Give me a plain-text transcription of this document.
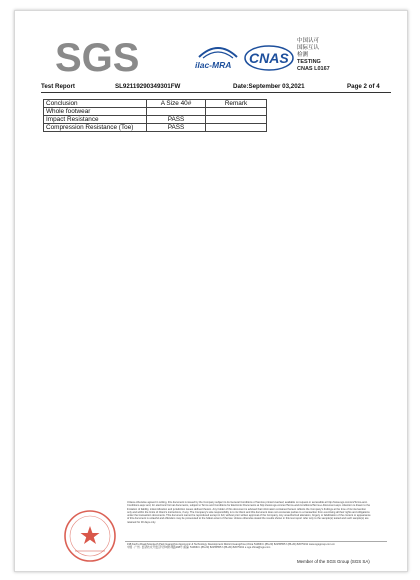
SGS	ilac-MRA CNAS
中国认可
国际互认
检测
TESTING
CNAS L0167
Test Report	SL92119290349301FW	Date:September 03,2021	Page 2 of 4
Conclusion	A Size 40#	Remark
Whole footwear		
Impact Resistance	PASS	
Compression Resistance (Toe)	PASS	
Unless otherwise agreed in writing, this document is issued by the Company subject to its General Conditions of Service printed overleaf, available on request or accessible at http://www.sgs.com/en/Terms-and-Conditions.aspx and, for electronic format documents, subject to Terms and Conditions for Electronic Documents at http://www.sgs.com/en/Terms-and-Conditions/Terms-e-Document.aspx. Attention is drawn to the limitation of liability, indemnification and jurisdiction issues defined therein. Any holder of this document is advised that information contained hereon reflects the Company's findings at the time of its intervention only and within the limits of Client's instructions, if any. The Company's sole responsibility is to its Client and this document does not exonerate parties to a transaction from exercising all their rights and obligations under the transaction documents. This document cannot be reproduced except in full, without prior written approval of the Company. Any unauthorized alteration, forgery or falsification of the content or appearance of this document is unlawful and offenders may be prosecuted to the fullest extent of the law. Unless otherwise stated the results shown in this test report refer only to the sample(s) tested and such sample(s) are retained for 30 days only.
198 Kezhu Road,Scientech Park Guangzhou Economic & Technology Development District,Guangzhou,China 510663 t (86-20) 82155555 f (86-20) 82075191 www.sgsgroup.com.cn
中国 · 广州 · 经济技术开发区科学城科珠路198号 邮编: 510663 t (86-20) 82155555 f (86-20) 82075191 e sgs.china@sgs.com
Member of the SGS Group (SGS SA)
